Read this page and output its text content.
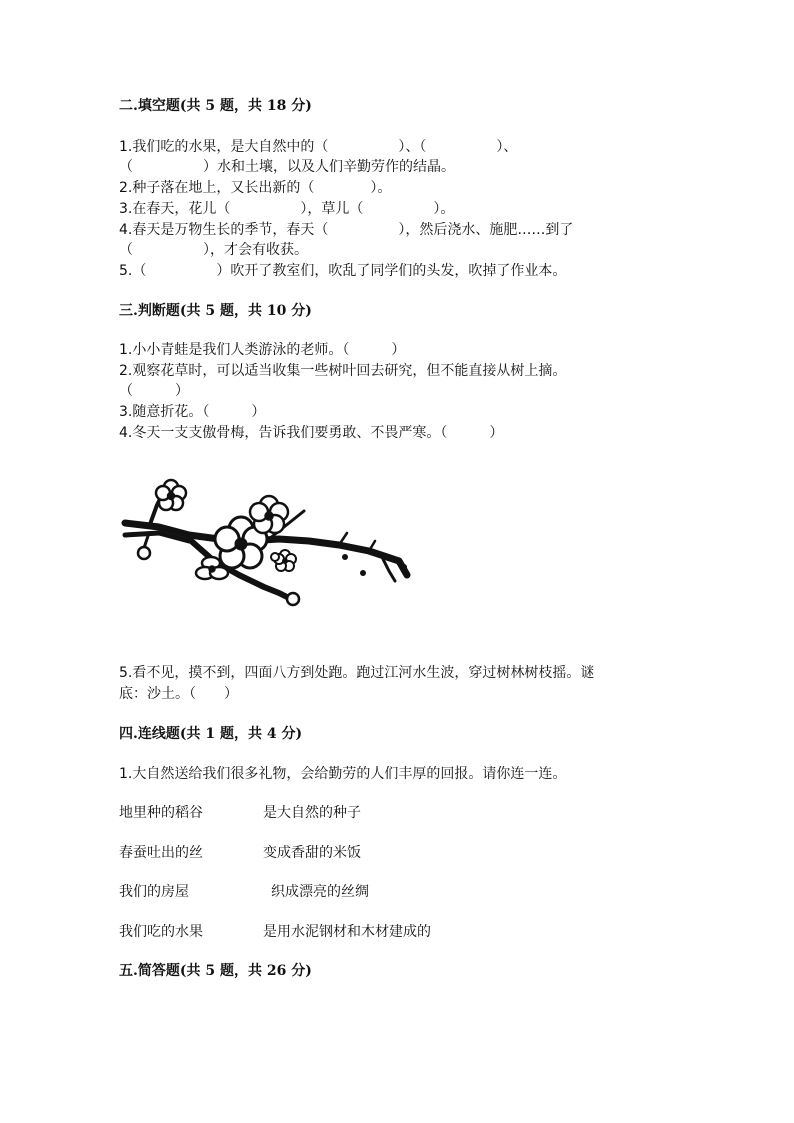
二.填空题(共 5 题，共 18 分)
1.我们吃的水果，是大自然中的（　　　　　）、（　　　　　）、
（　　　　　）水和土壤，以及人们辛勤劳作的结晶。
2.种子落在地上，又长出新的（　　　　）。
3.在春天，花儿（　　　　　），草儿（　　　　　）。
4.春天是万物生长的季节，春天（　　　　　），然后浇水、施肥……到了
（　　　　　），才会有收获。
5.（　　　　　）吹开了教室们，吹乱了同学们的头发，吹掉了作业本。
三.判断题(共 5 题，共 10 分)
1.小小青蛙是我们人类游泳的老师。（　　　）
2.观察花草时，可以适当收集一些树叶回去研究，但不能直接从树上摘。
（　　　）
3.随意折花。（　　　）
4.冬天一支支傲骨梅，告诉我们要勇敢、不畏严寒。（　　　）
5.看不见，摸不到，四面八方到处跑。跑过江河水生波，穿过树林树枝摇。谜
底：沙土。（　　）
四.连线题(共 1 题，共 4 分)
1.大自然送给我们很多礼物，会给勤劳的人们丰厚的回报。请你连一连。
地里种的稻谷	是大自然的种子
春蚕吐出的丝	变成香甜的米饭
我们的房屋	织成漂亮的丝绸
我们吃的水果	是用水泥钢材和木材建成的
五.简答题(共 5 题，共 26 分)
